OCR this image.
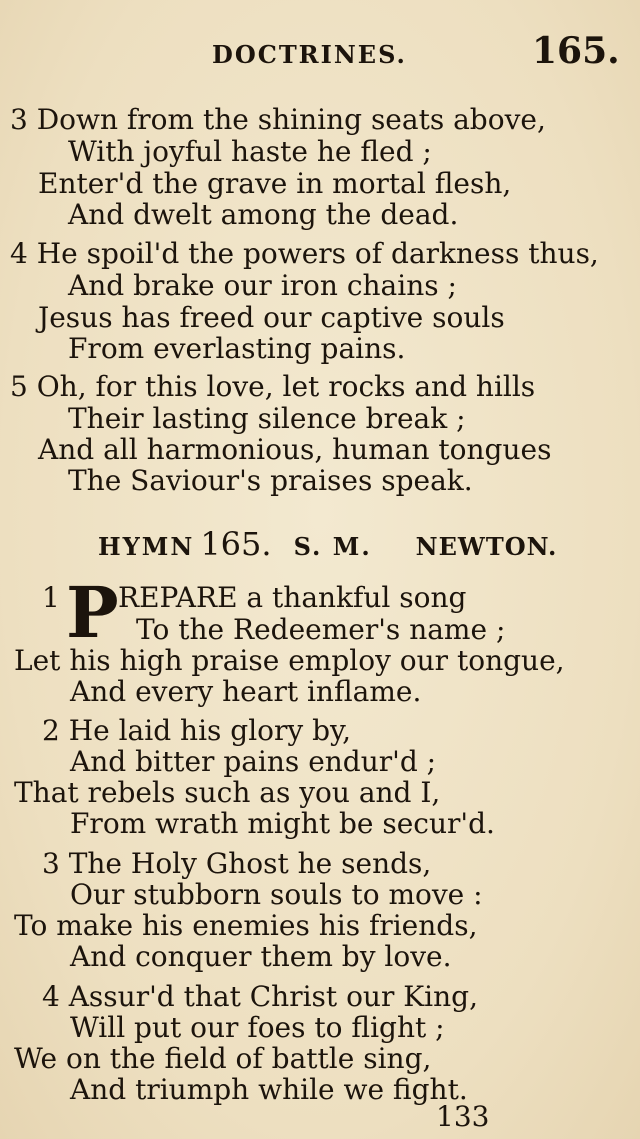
DOCTRINES.	165.
3 Down from the shining seats above,
With joyful haste he fled ;
Enter'd the grave in mortal flesh,
And dwelt among the dead.
4 He spoil'd the powers of darkness thus,
And brake our iron chains ;
Jesus has freed our captive souls
From everlasting pains.
5 Oh, for this love, let rocks and hills
Their lasting silence break ;
And all harmonious, human tongues
The Saviour's praises speak.
HYMN 165. S. M. NEWTON.
1 P REPARE a thankful song
To the Redeemer's name ;
Let his high praise employ our tongue,
And every heart inflame.
2 He laid his glory by,
And bitter pains endur'd ;
That rebels such as you and I,
From wrath might be secur'd.
3 The Holy Ghost he sends,
Our stubborn souls to move :
To make his enemies his friends,
And conquer them by love.
4 Assur'd that Christ our King,
Will put our foes to flight ;
We on the field of battle sing,
And triumph while we fight.
133
